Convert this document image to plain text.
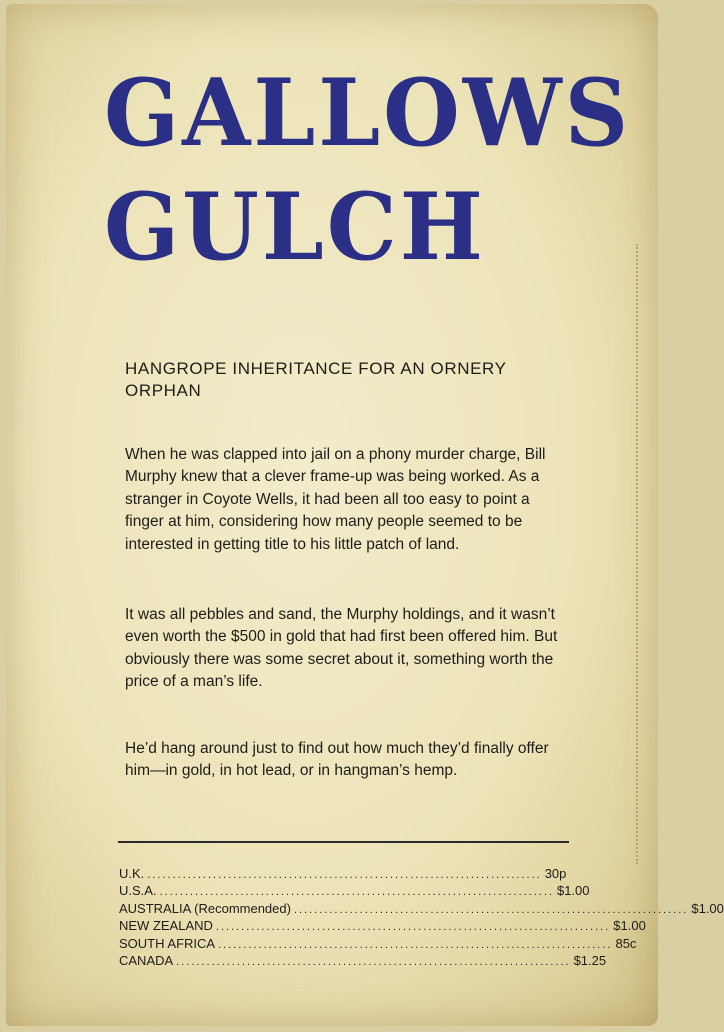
GALLOWS
GULCH
HANGROPE INHERITANCE FOR AN ORNERY ORPHAN

When he was clapped into jail on a phony murder charge, Bill Murphy knew that a clever frame-up was being worked. As a stranger in Coyote Wells, it had been all too easy to point a finger at him, considering how many people seemed to be interested in getting title to his little patch of land.

It was all pebbles and sand, the Murphy holdings, and it wasn’t even worth the $500 in gold that had first been offered him. But obviously there was some secret about it, something worth the price of a man’s life.

He’d hang around just to find out how much they’d finally offer him—in gold, in hot lead, or in hangman’s hemp.

U.K. .............................................................................. 30p
U.S.A. .............................................................................. $1.00
AUSTRALIA (Recommended) .............................................................................. $1.00
NEW ZEALAND .............................................................................. $1.00
SOUTH AFRICA .............................................................................. 85c
CANADA .............................................................................. $1.25
